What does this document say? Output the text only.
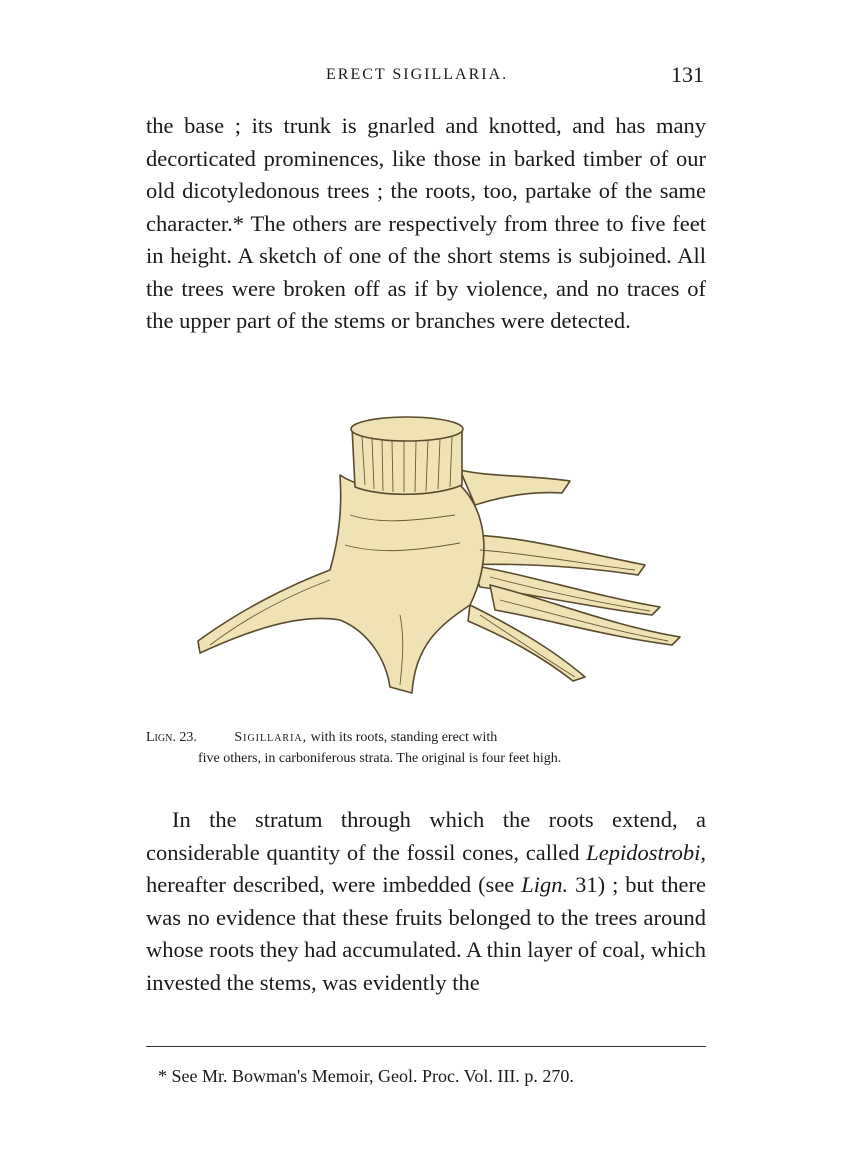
ERECT SIGILLARIA.	131

the base ; its trunk is gnarled and knotted, and has many decorticated prominences, like those in barked timber of our old dicotyledonous trees ; the roots, too, partake of the same character.* The others are respectively from three to five feet in height. A sketch of one of the short stems is subjoined. All the trees were broken off as if by violence, and no traces of the upper part of the stems or branches were detected.

Lign. 23.	Sigillaria, with its roots, standing erect with
five others, in carboniferous strata. The original is four feet high.

In the stratum through which the roots extend, a considerable quantity of the fossil cones, called Lepidostrobi, hereafter described, were imbedded (see Lign. 31) ; but there was no evidence that these fruits belonged to the trees around whose roots they had accumulated. A thin layer of coal, which invested the stems, was evidently the

* See Mr. Bowman's Memoir, Geol. Proc. Vol. III. p. 270.
